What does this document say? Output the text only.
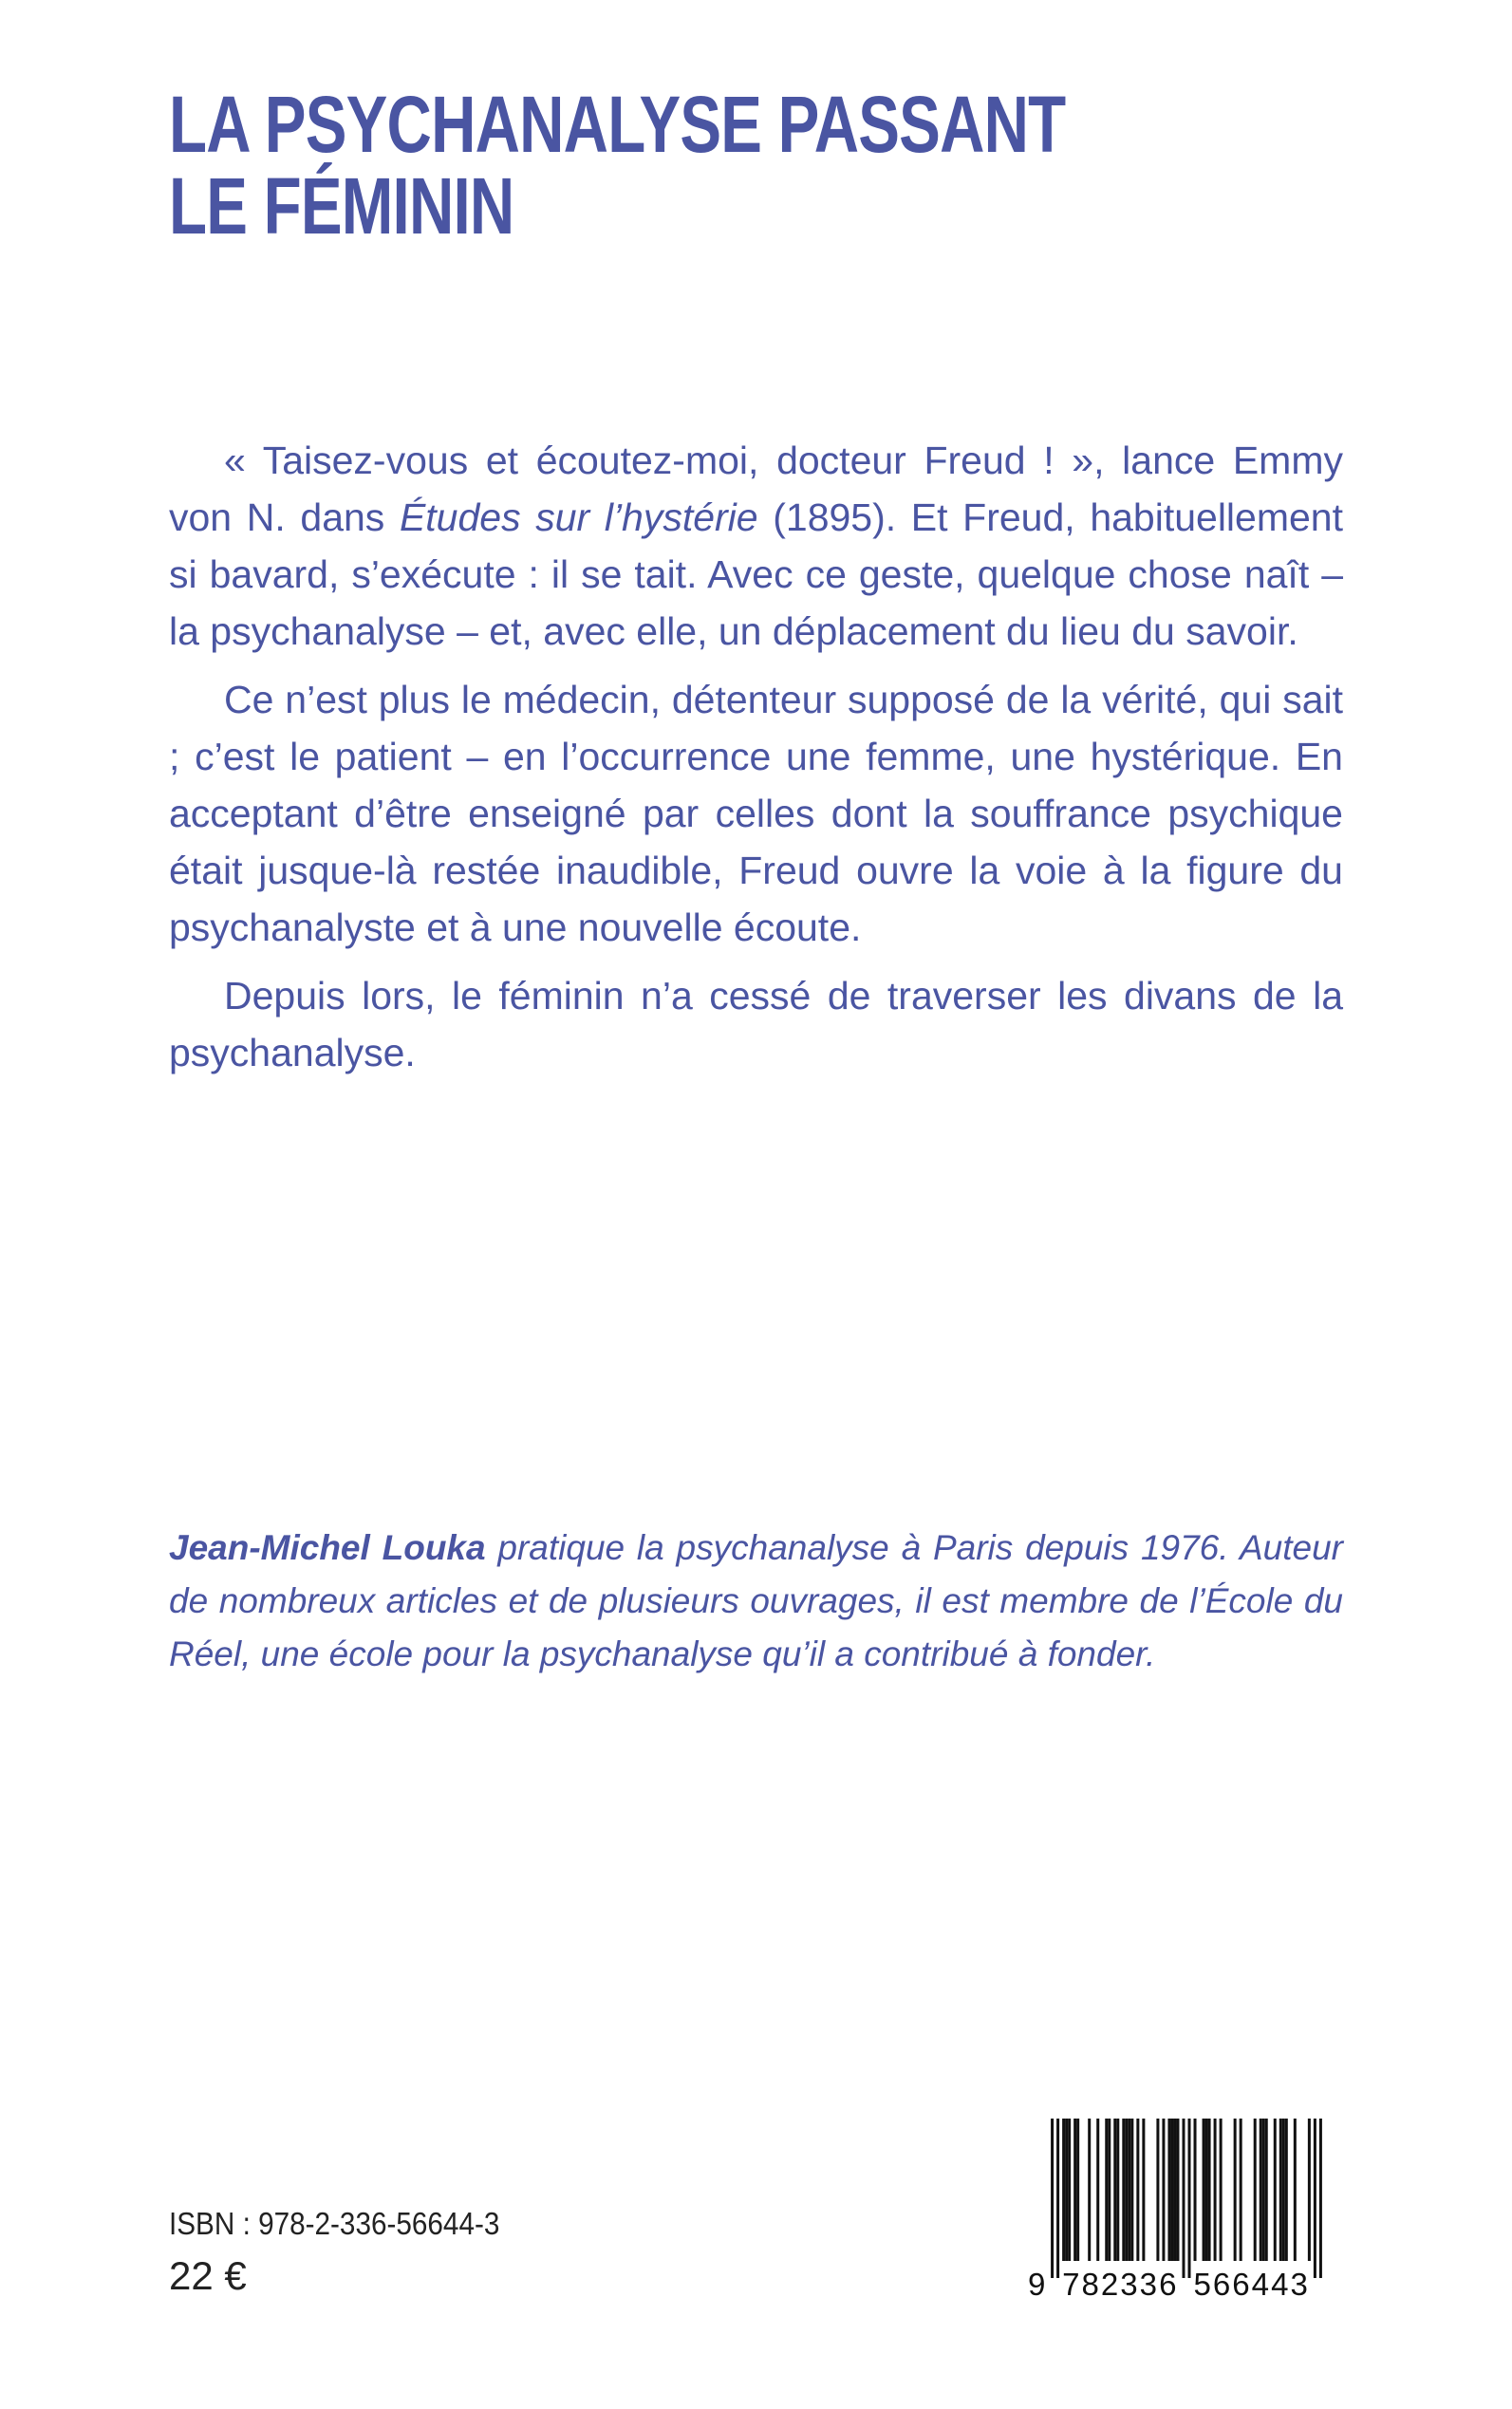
LA PSYCHANALYSE PASSANT
LE FÉMININ

« Taisez-vous et écoutez-moi, docteur Freud ! », lance Emmy von N. dans Études sur l’hystérie (1895). Et Freud, habituellement si bavard, s’exécute : il se tait. Avec ce geste, quelque chose naît – la psychanalyse – et, avec elle, un déplacement du lieu du savoir.

Ce n’est plus le médecin, détenteur supposé de la vérité, qui sait ; c’est le patient – en l’occurrence une femme, une hystérique. En acceptant d’être enseigné par celles dont la souffrance psychique était jusque-là restée inaudible, Freud ouvre la voie à la figure du psychanalyste et à une nouvelle écoute.

Depuis lors, le féminin n’a cessé de traverser les divans de la psychanalyse.

Jean-Michel Louka pratique la psychanalyse à Paris depuis 1976. Auteur de nombreux articles et de plusieurs ouvrages, il est membre de l’École du Réel, une école pour la psychanalyse qu’il a contribué à fonder.
ISBN : 978-2-336-56644-3
22 €	9 782336 566443
